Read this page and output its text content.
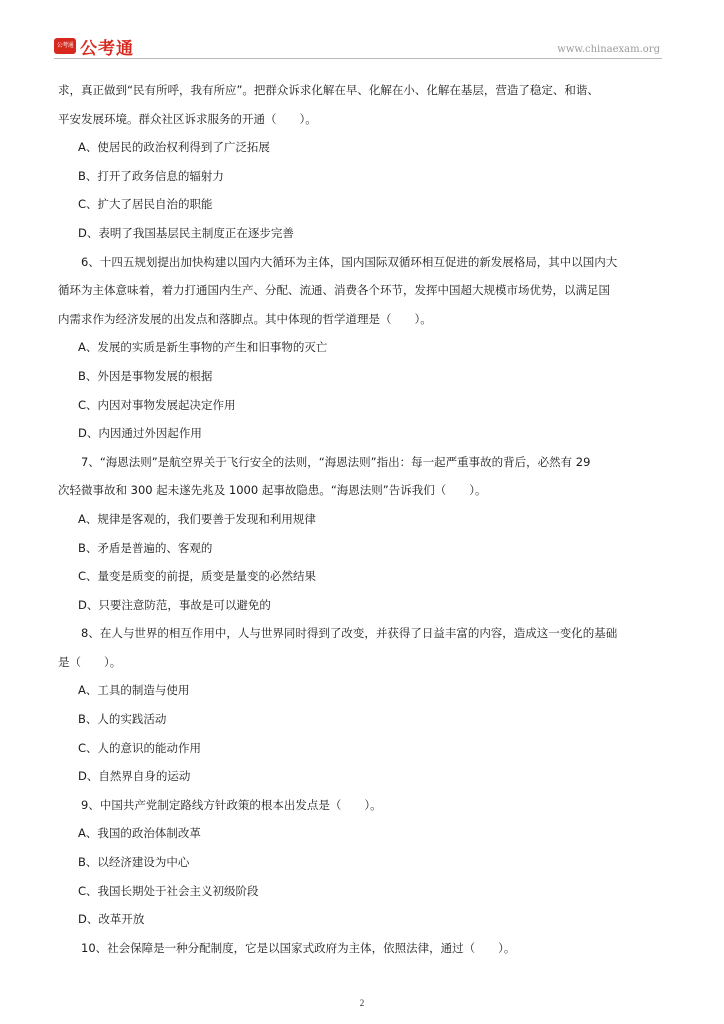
公考通 公考通	www.chinaexam.org

求，真正做到“民有所呼，我有所应”。把群众诉求化解在早、化解在小、化解在基层，营造了稳定、和谐、

平安发展环境。群众社区诉求服务的开通（　　）。

A、使居民的政治权利得到了广泛拓展

B、打开了政务信息的辐射力

C、扩大了居民自治的职能

D、表明了我国基层民主制度正在逐步完善

6、十四五规划提出加快构建以国内大循环为主体，国内国际双循环相互促进的新发展格局，其中以国内大

循环为主体意味着，着力打通国内生产、分配、流通、消费各个环节，发挥中国超大规模市场优势，以满足国

内需求作为经济发展的出发点和落脚点。其中体现的哲学道理是（　　）。

A、发展的实质是新生事物的产生和旧事物的灭亡

B、外因是事物发展的根据

C、内因对事物发展起决定作用

D、内因通过外因起作用

7、“海恩法则”是航空界关于飞行安全的法则，“海恩法则”指出：每一起严重事故的背后，必然有 29

次轻微事故和 300 起未遂先兆及 1000 起事故隐患。“海恩法则”告诉我们（　　）。

A、规律是客观的，我们要善于发现和利用规律

B、矛盾是普遍的、客观的

C、量变是质变的前提，质变是量变的必然结果

D、只要注意防范，事故是可以避免的

8、在人与世界的相互作用中，人与世界同时得到了改变，并获得了日益丰富的内容，造成这一变化的基础

是（　　）。

A、工具的制造与使用

B、人的实践活动

C、人的意识的能动作用

D、自然界自身的运动

9、中国共产党制定路线方针政策的根本出发点是（　　）。

A、我国的政治体制改革

B、以经济建设为中心

C、我国长期处于社会主义初级阶段

D、改革开放

10、社会保障是一种分配制度，它是以国家式政府为主体，依照法律，通过（　　）。

2
